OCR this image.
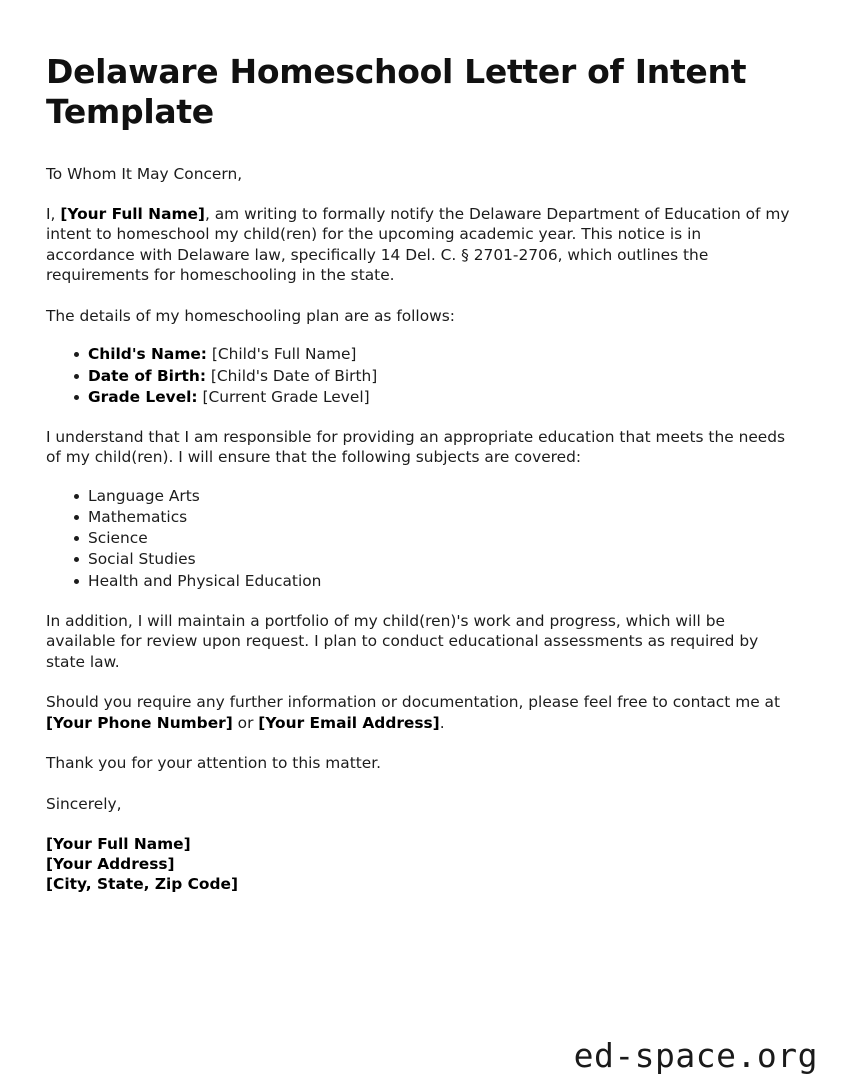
Delaware Homeschool Letter of Intent Template

To Whom It May Concern,

I, [Your Full Name], am writing to formally notify the Delaware Department of Education of my intent to homeschool my child(ren) for the upcoming academic year. This notice is in accordance with Delaware law, specifically 14 Del. C. § 2701-2706, which outlines the requirements for homeschooling in the state.

The details of my homeschooling plan are as follows:

Child's Name: [Child's Full Name]
Date of Birth: [Child's Date of Birth]
Grade Level: [Current Grade Level]

I understand that I am responsible for providing an appropriate education that meets the needs of my child(ren). I will ensure that the following subjects are covered:

Language Arts
Mathematics
Science
Social Studies
Health and Physical Education

In addition, I will maintain a portfolio of my child(ren)'s work and progress, which will be available for review upon request. I plan to conduct educational assessments as required by state law.

Should you require any further information or documentation, please feel free to contact me at [Your Phone Number] or [Your Email Address].

Thank you for your attention to this matter.

Sincerely,

[Your Full Name]
[Your Address]
[City, State, Zip Code]
ed-space.org
